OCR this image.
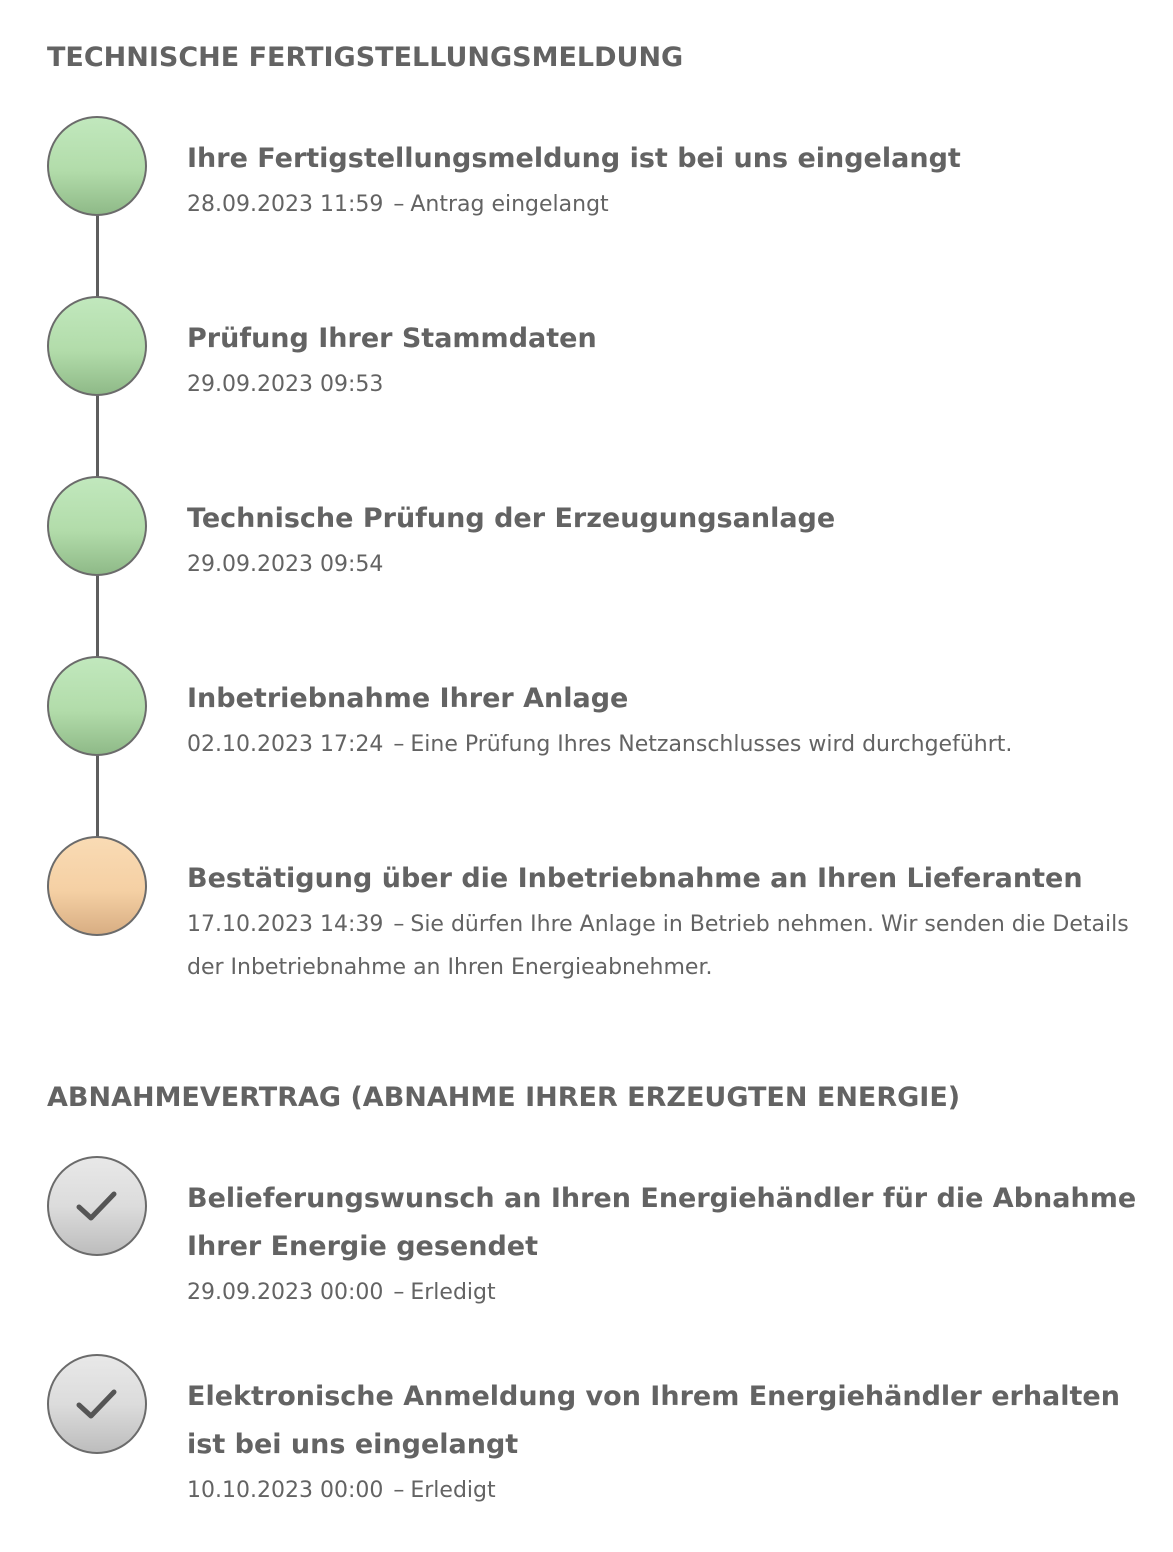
TECHNISCHE FERTIGSTELLUNGSMELDUNG

Ihre Fertigstellungsmeldung ist bei uns eingelangt

28.09.2023 11:59 – Antrag eingelangt

Prüfung Ihrer Stammdaten

29.09.2023 09:53

Technische Prüfung der Erzeugungsanlage

29.09.2023 09:54

Inbetriebnahme Ihrer Anlage

02.10.2023 17:24 – Eine Prüfung Ihres Netzanschlusses wird durchgeführt.

Bestätigung über die Inbetriebnahme an Ihren Lieferanten

17.10.2023 14:39 – Sie dürfen Ihre Anlage in Betrieb nehmen. Wir senden die Details der Inbetriebnahme an Ihren Energieabnehmer.

ABNAHMEVERTRAG (ABNAHME IHRER ERZEUGTEN ENERGIE)

Belieferungswunsch an Ihren Energiehändler für die Abnahme Ihrer Energie gesendet

29.09.2023 00:00 – Erledigt

Elektronische Anmeldung von Ihrem Energiehändler erhalten ist bei uns eingelangt

10.10.2023 00:00 – Erledigt
